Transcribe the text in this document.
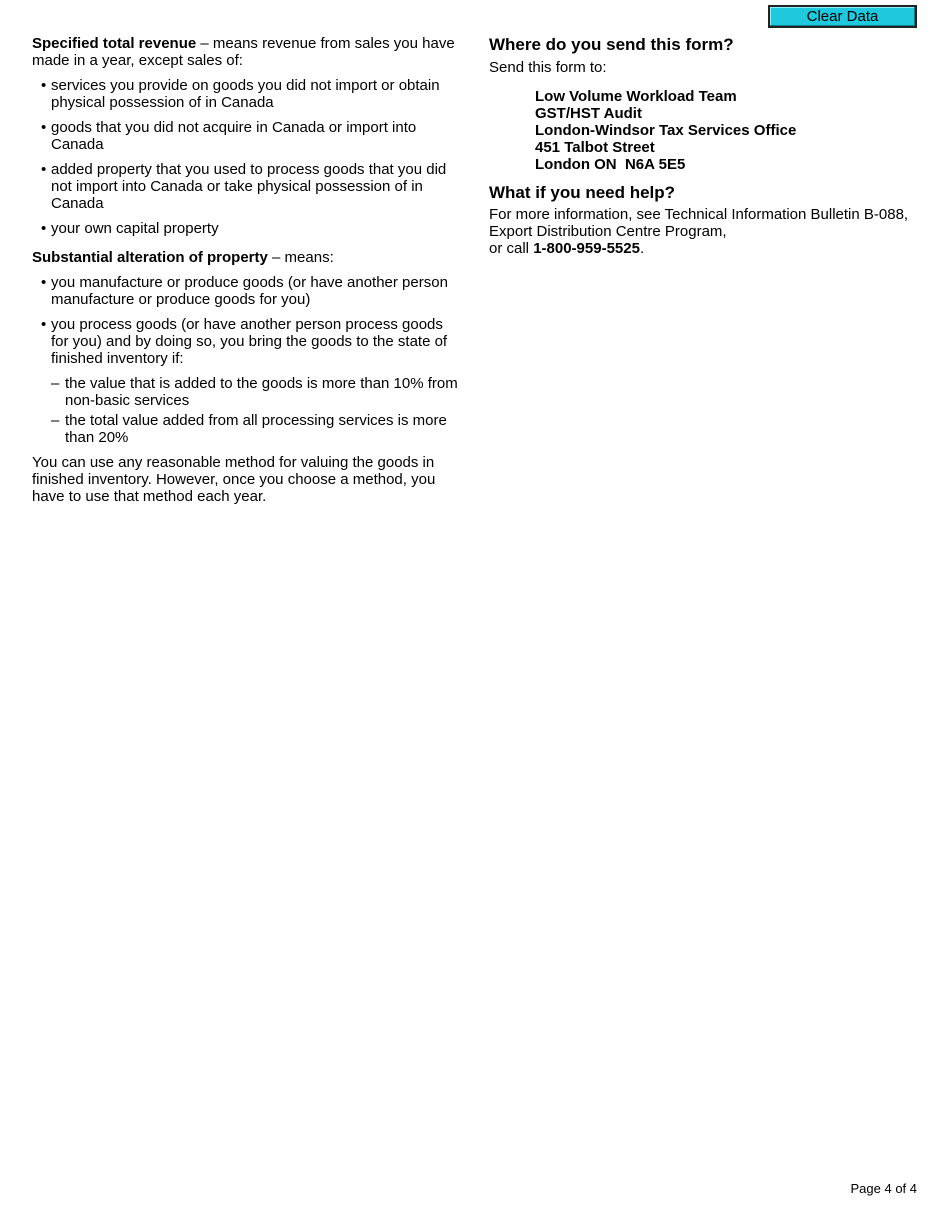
Clear Data

Specified total revenue – means revenue from sales you have made in a year, except sales of:

• services you provide on goods you did not import or obtain physical possession of in Canada
• goods that you did not acquire in Canada or import into Canada
• added property that you used to process goods that you did not import into Canada or take physical possession of in Canada
• your own capital property

Substantial alteration of property – means:

• you manufacture or produce goods (or have another person manufacture or produce goods for you)
• you process goods (or have another person process goods for you) and by doing so, you bring the goods to the state of finished inventory if:
– the value that is added to the goods is more than 10% from non-basic services
– the total value added from all processing services is more than 20%

You can use any reasonable method for valuing the goods in finished inventory. However, once you choose a method, you have to use that method each year.

Where do you send this form?

Send this form to:

Low Volume Workload Team
GST/HST Audit
London-Windsor Tax Services Office
451 Talbot Street
London ON  N6A 5E5
What if you need help?

For more information, see Technical Information Bulletin B-088, Export Distribution Centre Program,
or call 1-800-959-5525.

Page 4 of 4
